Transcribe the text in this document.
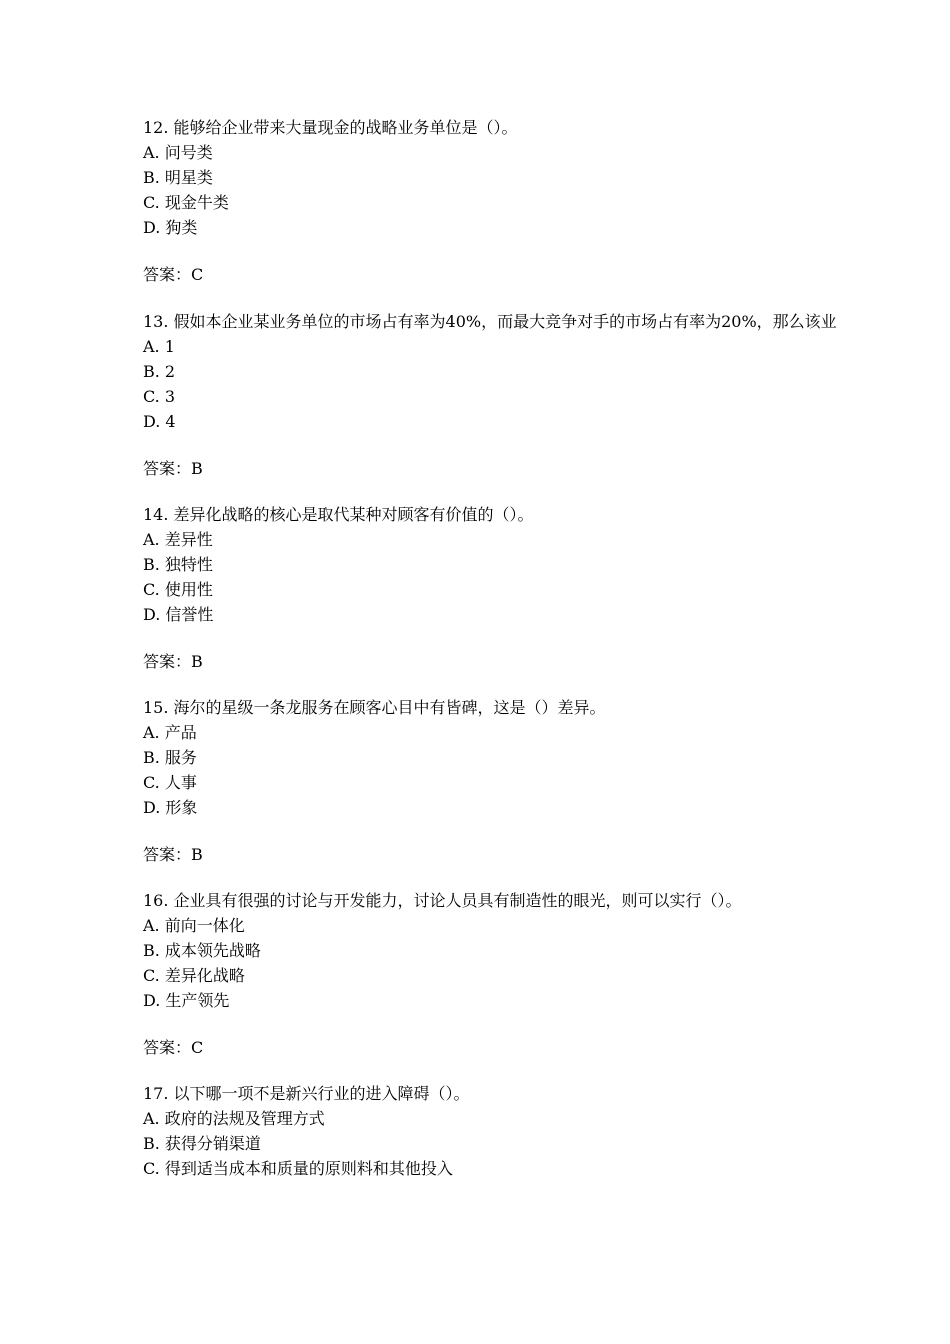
12. 能够给企业带来大量现金的战略业务单位是（）。
A. 问号类
B. 明星类
C. 现金牛类
D. 狗类
答案：C
13. 假如本企业某业务单位的市场占有率为40%，而最大竞争对手的市场占有率为20%，那么该业
A. 1
B. 2
C. 3
D. 4
答案：B
14. 差异化战略的核心是取代某种对顾客有价值的（）。
A. 差异性
B. 独特性
C. 使用性
D. 信誉性
答案：B
15. 海尔的星级一条龙服务在顾客心目中有皆碑，这是（）差异。
A. 产品
B. 服务
C. 人事
D. 形象
答案：B
16. 企业具有很强的讨论与开发能力，讨论人员具有制造性的眼光，则可以实行（）。
A. 前向一体化
B. 成本领先战略
C. 差异化战略
D. 生产领先
答案：C
17. 以下哪一项不是新兴行业的进入障碍（）。
A. 政府的法规及管理方式
B. 获得分销渠道
C. 得到适当成本和质量的原则料和其他投入
